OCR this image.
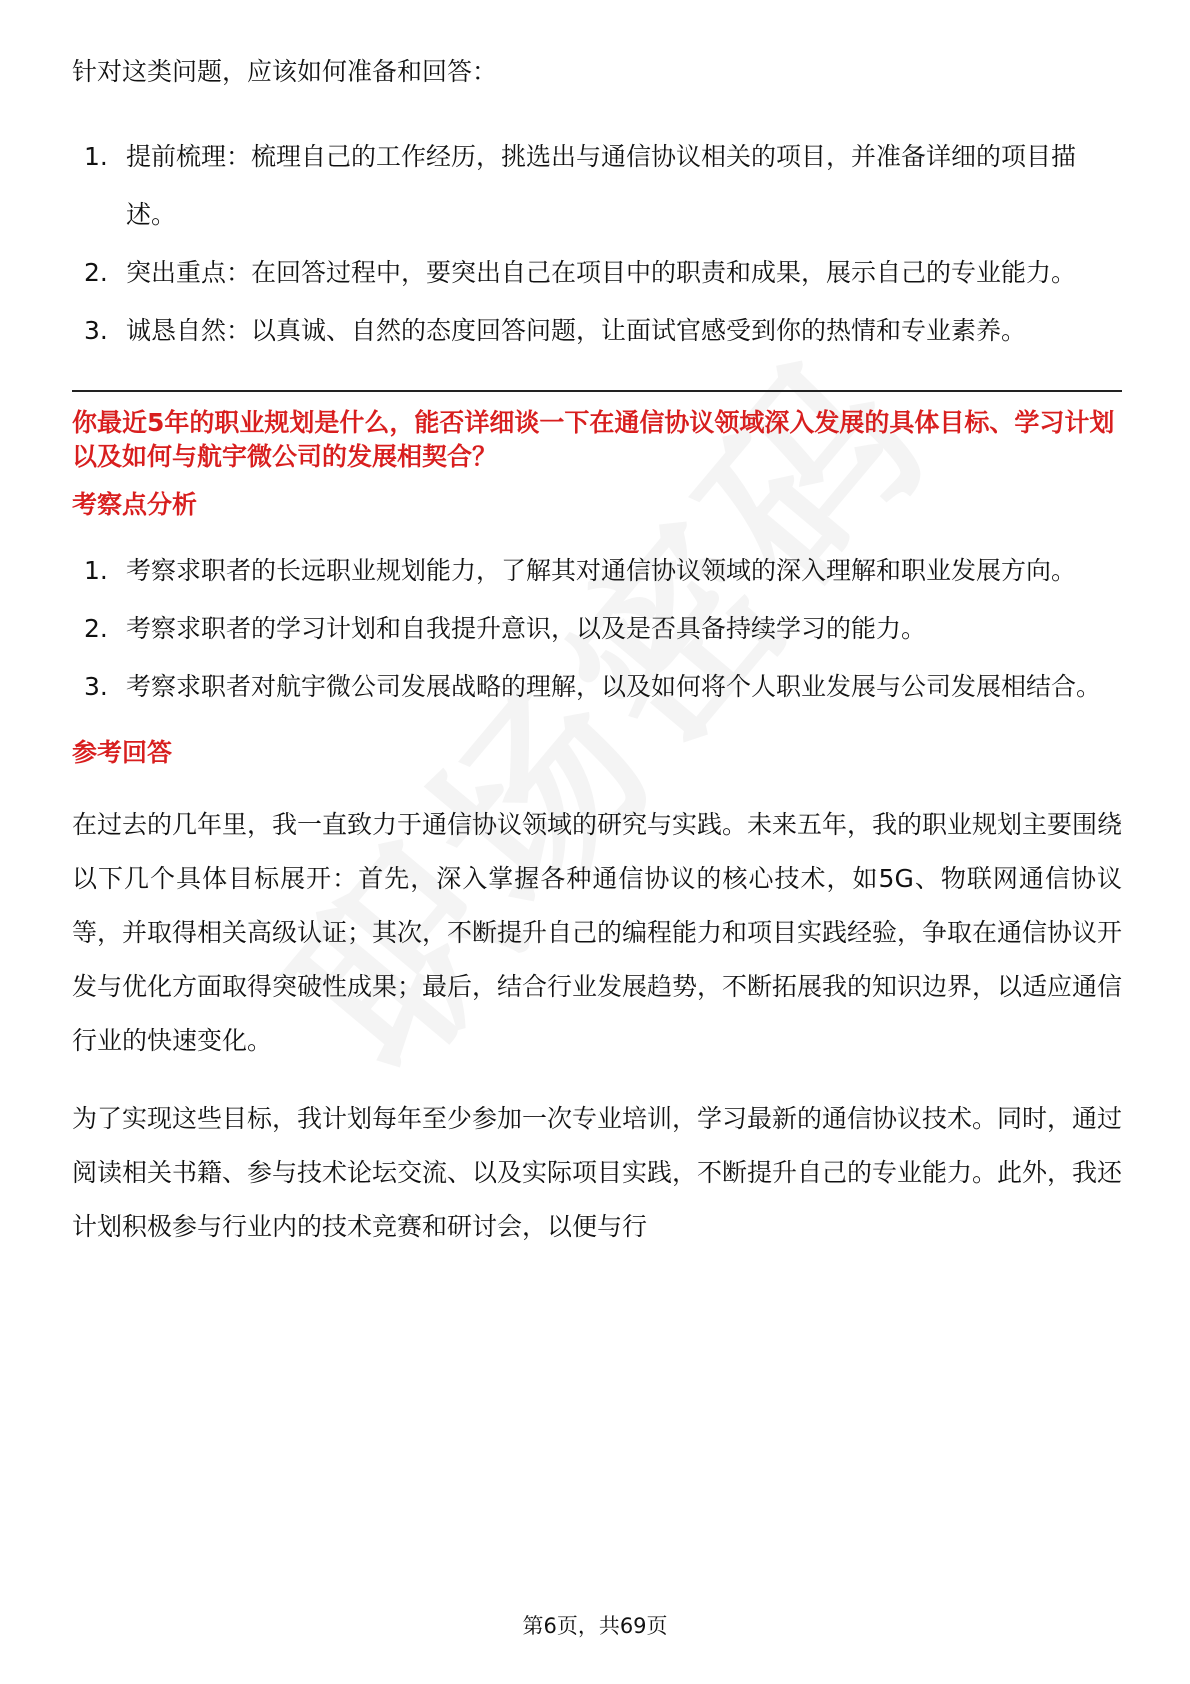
针对这类问题，应该如何准备和回答：

1. 提前梳理：梳理自己的工作经历，挑选出与通信协议相关的项目，并准备详细的项目描述。
2. 突出重点：在回答过程中，要突出自己在项目中的职责和成果，展示自己的专业能力。
3. 诚恳自然：以真诚、自然的态度回答问题，让面试官感受到你的热情和专业素养。

你最近5年的职业规划是什么，能否详细谈一下在通信协议领域深入发展的具体目标、学习计划以及如何与航宇微公司的发展相契合？

考察点分析

1. 考察求职者的长远职业规划能力，了解其对通信协议领域的深入理解和职业发展方向。
2. 考察求职者的学习计划和自我提升意识，以及是否具备持续学习的能力。
3. 考察求职者对航宇微公司发展战略的理解，以及如何将个人职业发展与公司发展相结合。

参考回答

在过去的几年里，我一直致力于通信协议领域的研究与实践。未来五年，我的职业规划主要围绕以下几个具体目标展开：首先，深入掌握各种通信协议的核心技术，如5G、物联网通信协议等，并取得相关高级认证；其次，不断提升自己的编程能力和项目实践经验，争取在通信协议开发与优化方面取得突破性成果；最后，结合行业发展趋势，不断拓展我的知识边界，以适应通信行业的快速变化。

为了实现这些目标，我计划每年至少参加一次专业培训，学习最新的通信协议技术。同时，通过阅读相关书籍、参与技术论坛交流、以及实际项目实践，不断提升自己的专业能力。此外，我还计划积极参与行业内的技术竞赛和研讨会，以便与行

第6页，共69页
